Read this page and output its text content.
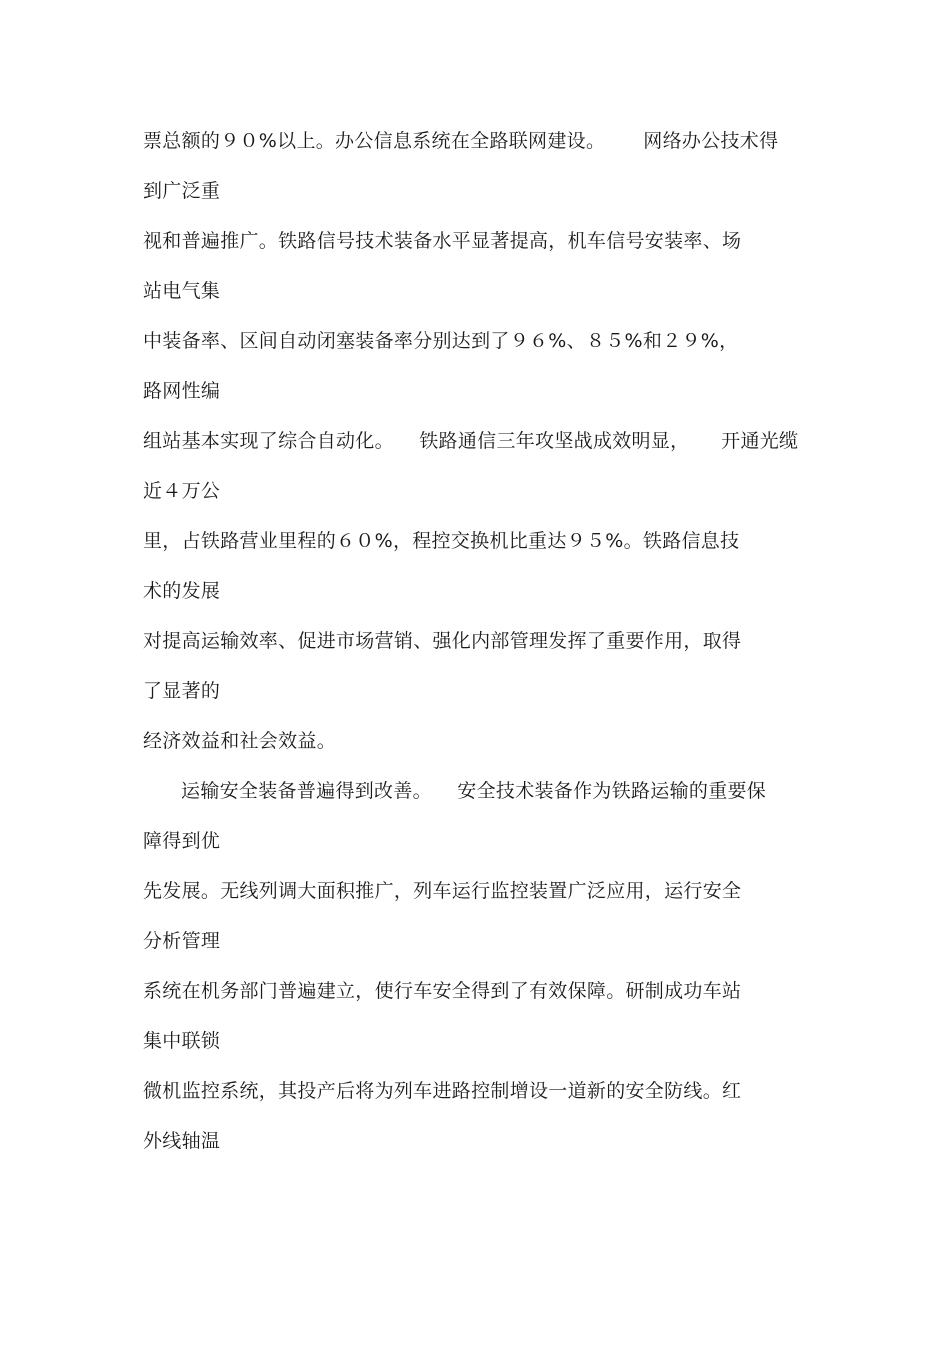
票总额的９０%以上。办公信息系统在全路联网建设。      网络办公技术得
到广泛重
视和普遍推广。铁路信号技术装备水平显著提高，机车信号安装率、场
站电气集
中装备率、区间自动闭塞装备率分别达到了９６%、８５%和２９%，
路网性编
组站基本实现了综合自动化。    铁路通信三年攻坚战成效明显，     开通光缆
近４万公
里，占铁路营业里程的６０%，程控交换机比重达９５%。铁路信息技
术的发展
对提高运输效率、促进市场营销、强化内部管理发挥了重要作用，取得
了显著的
经济效益和社会效益。
运输安全装备普遍得到改善。    安全技术装备作为铁路运输的重要保
障得到优
先发展。无线列调大面积推广，列车运行监控装置广泛应用，运行安全
分析管理
系统在机务部门普遍建立，使行车安全得到了有效保障。研制成功车站
集中联锁
微机监控系统，其投产后将为列车进路控制增设一道新的安全防线。红
外线轴温
